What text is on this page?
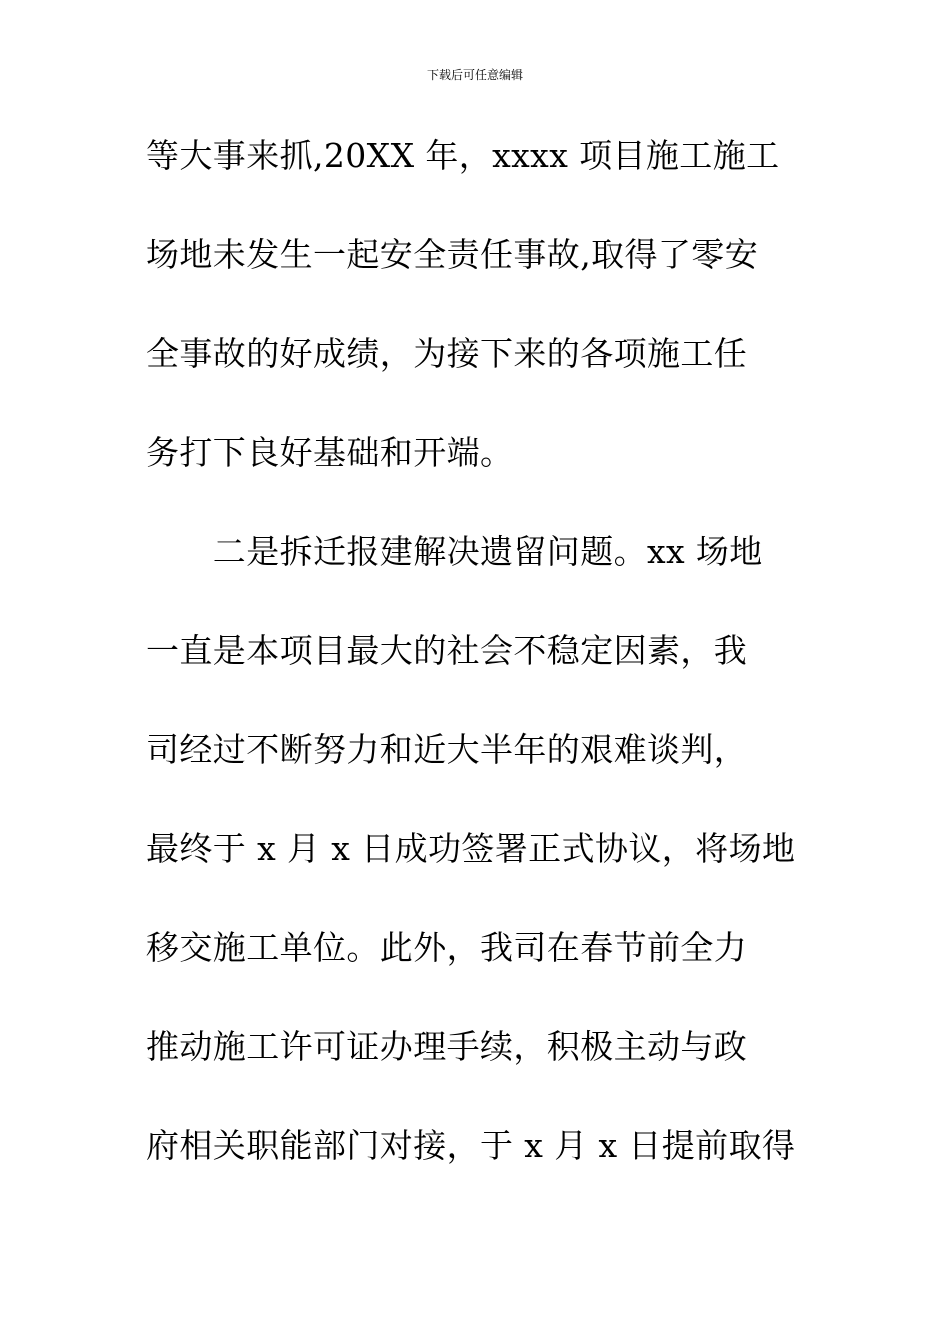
下载后可任意编辑
等大事来抓,20XX 年，xxxx 项目施工施工
场地未发生一起安全责任事故,取得了零安
全事故的好成绩，为接下来的各项施工任
务打下良好基础和开端。
　　二是拆迁报建解决遗留问题。xx 场地
一直是本项目最大的社会不稳定因素，我
司经过不断努力和近大半年的艰难谈判，
最终于 x 月 x 日成功签署正式协议，将场地
移交施工单位。此外，我司在春节前全力
推动施工许可证办理手续，积极主动与政
府相关职能部门对接，于 x 月 x 日提前取得
